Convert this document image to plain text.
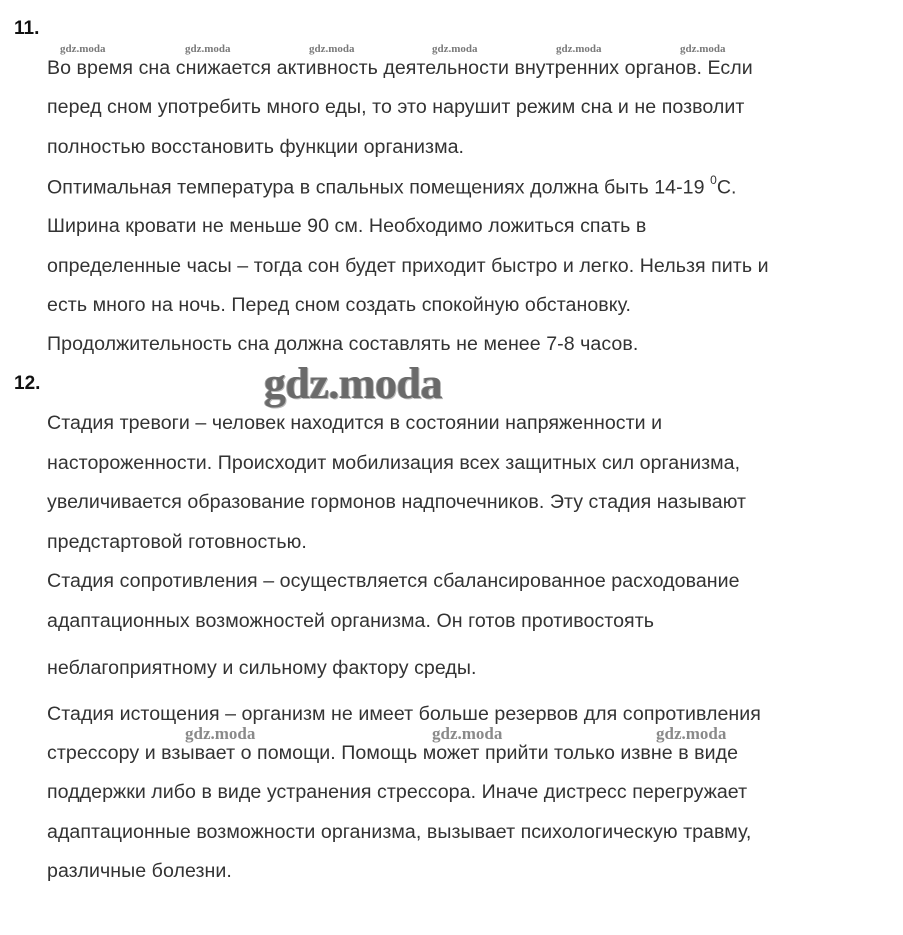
11.
gdz.moda	gdz.moda	gdz.moda	gdz.moda	gdz.moda	gdz.moda
Во время сна снижается активность деятельности внутренних органов. Если
перед сном употребить много еды, то это нарушит режим сна и не позволит
полностью восстановить функции организма.
Оптимальная температура в спальных помещениях должна быть 14-19 $^0$C.
Ширина кровати не меньше 90 см. Необходимо ложиться спать в
определенные часы – тогда сон будет приходит быстро и легко. Нельзя пить и
есть много на ночь. Перед сном создать спокойную обстановку.
Продолжительность сна должна составлять не менее 7-8 часов.
12.	gdz.moda
Стадия тревоги – человек находится в состоянии напряженности и
настороженности. Происходит мобилизация всех защитных сил организма,
увеличивается образование гормонов надпочечников. Эту стадия называют
предстартовой готовностью.
Стадия сопротивления – осуществляется сбалансированное расходование
адаптационных возможностей организма. Он готов противостоять
неблагоприятному и сильному фактору среды.
Стадия истощения – организм не имеет больше резервов для сопротивления
gdz.moda	gdz.moda	gdz.moda
стрессору и взывает о помощи. Помощь может прийти только извне в виде
поддержки либо в виде устранения стрессора. Иначе дистресс перегружает
адаптационные возможности организма, вызывает психологическую травму,
различные болезни.
